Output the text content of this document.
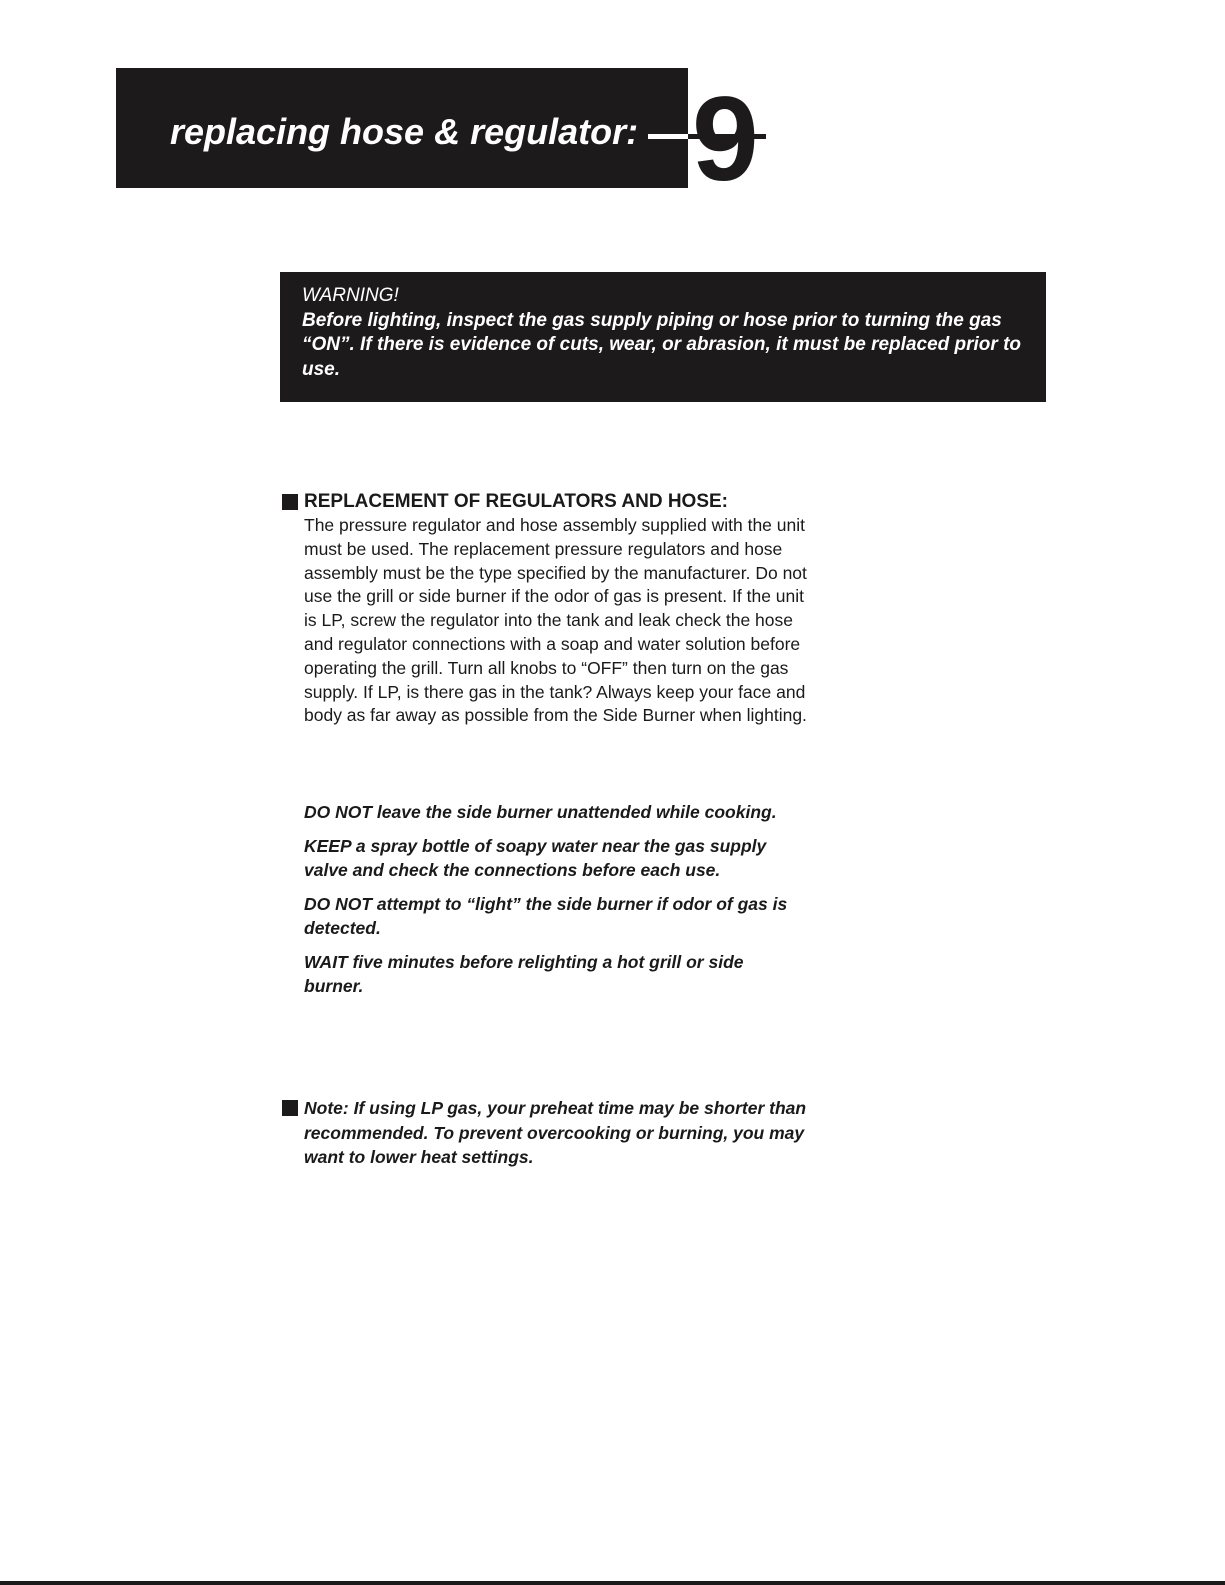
replacing hose & regulator: 9

WARNING!
Before lighting, inspect the gas supply piping or hose prior to turning the gas “ON”. If there is evidence of cuts, wear, or abrasion, it must be replaced prior to use.

REPLACEMENT OF REGULATORS AND HOSE:

The pressure regulator and hose assembly supplied with the unit must be used. The replacement pressure regulators and hose assembly must be the type specified by the manufacturer. Do not use the grill or side burner if the odor of gas is present. If the unit is LP, screw the regulator into the tank and leak check the hose and regulator connections with a soap and water solution before operating the grill. Turn all knobs to “OFF” then turn on the gas supply. If LP, is there gas in the tank? Always keep your face and body as far away as possible from the Side Burner when lighting.

DO NOT leave the side burner unattended while cooking.

KEEP a spray bottle of soapy water near the gas supply valve and check the connections before each use.

DO NOT attempt to “light” the side burner if odor of gas is detected.

WAIT five minutes before relighting a hot grill or side burner.

Note: If using LP gas, your preheat time may be shorter than recommended. To prevent overcooking or burning, you may want to lower heat settings.
